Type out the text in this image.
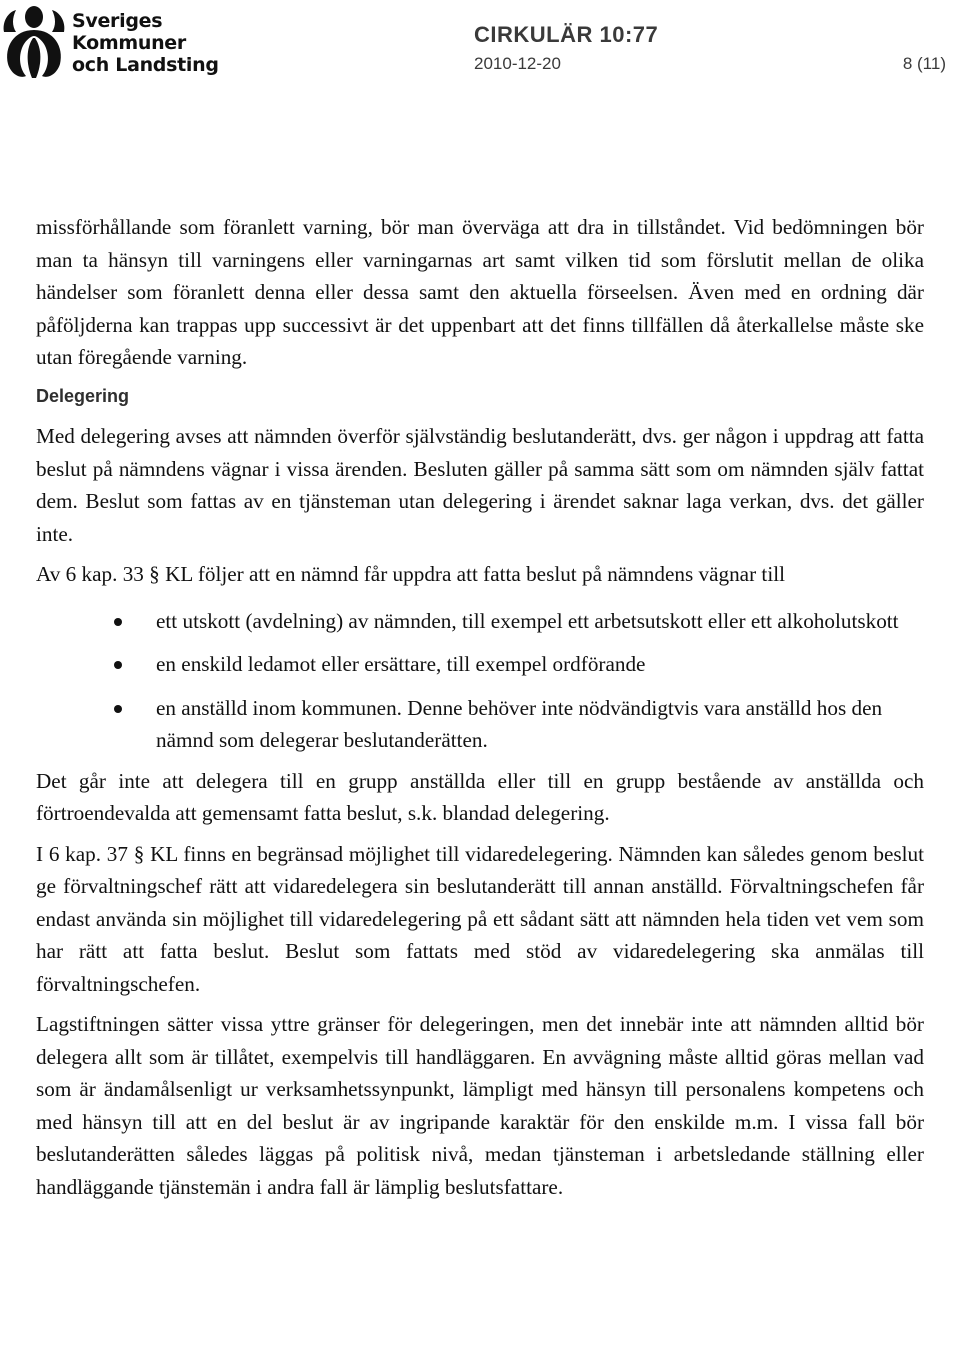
Sveriges
Kommuner
och Landsting
CIRKULÄR 10:77
2010-12-20	8 (11)

missförhållande som föranlett varning, bör man överväga att dra in tillståndet. Vid bedömningen bör man ta hänsyn till varningens eller varningarnas art samt vilken tid som förslutit mellan de olika händelser som föranlett denna eller dessa samt den aktuella förseelsen. Även med en ordning där påföljderna kan trappas upp successivt är det uppenbart att det finns tillfällen då återkallelse måste ske utan föregående varning.

Delegering

Med delegering avses att nämnden överför självständig beslutanderätt, dvs. ger någon i uppdrag att fatta beslut på nämndens vägnar i vissa ärenden. Besluten gäller på samma sätt som om nämnden själv fattat dem. Beslut som fattas av en tjänsteman utan delegering i ärendet saknar laga verkan, dvs. det gäller inte.

Av 6 kap. 33 § KL följer att en nämnd får uppdra att fatta beslut på nämndens vägnar till

ett utskott (avdelning) av nämnden, till exempel ett arbetsutskott eller ett alkoholutskott
en enskild ledamot eller ersättare, till exempel ordförande
en anställd inom kommunen. Denne behöver inte nödvändigtvis vara anställd hos den nämnd som delegerar beslutanderätten.

Det går inte att delegera till en grupp anställda eller till en grupp bestående av anställda och förtroendevalda att gemensamt fatta beslut, s.k. blandad delegering.

I 6 kap. 37 § KL finns en begränsad möjlighet till vidaredelegering. Nämnden kan således genom beslut ge förvaltningschef rätt att vidaredelegera sin beslutanderätt till annan anställd. Förvaltningschefen får endast använda sin möjlighet till vidaredelegering på ett sådant sätt att nämnden hela tiden vet vem som har rätt att fatta beslut. Beslut som fattats med stöd av vidaredelegering ska anmälas till förvaltningschefen.

Lagstiftningen sätter vissa yttre gränser för delegeringen, men det innebär inte att nämnden alltid bör delegera allt som är tillåtet, exempelvis till handläggaren. En avvägning måste alltid göras mellan vad som är ändamålsenligt ur verksamhetssynpunkt, lämpligt med hänsyn till personalens kompetens och med hänsyn till att en del beslut är av ingripande karaktär för den enskilde m.m. I vissa fall bör beslutanderätten således läggas på politisk nivå, medan tjänsteman i arbetsledande ställning eller handläggande tjänstemän i andra fall är lämplig beslutsfattare.
